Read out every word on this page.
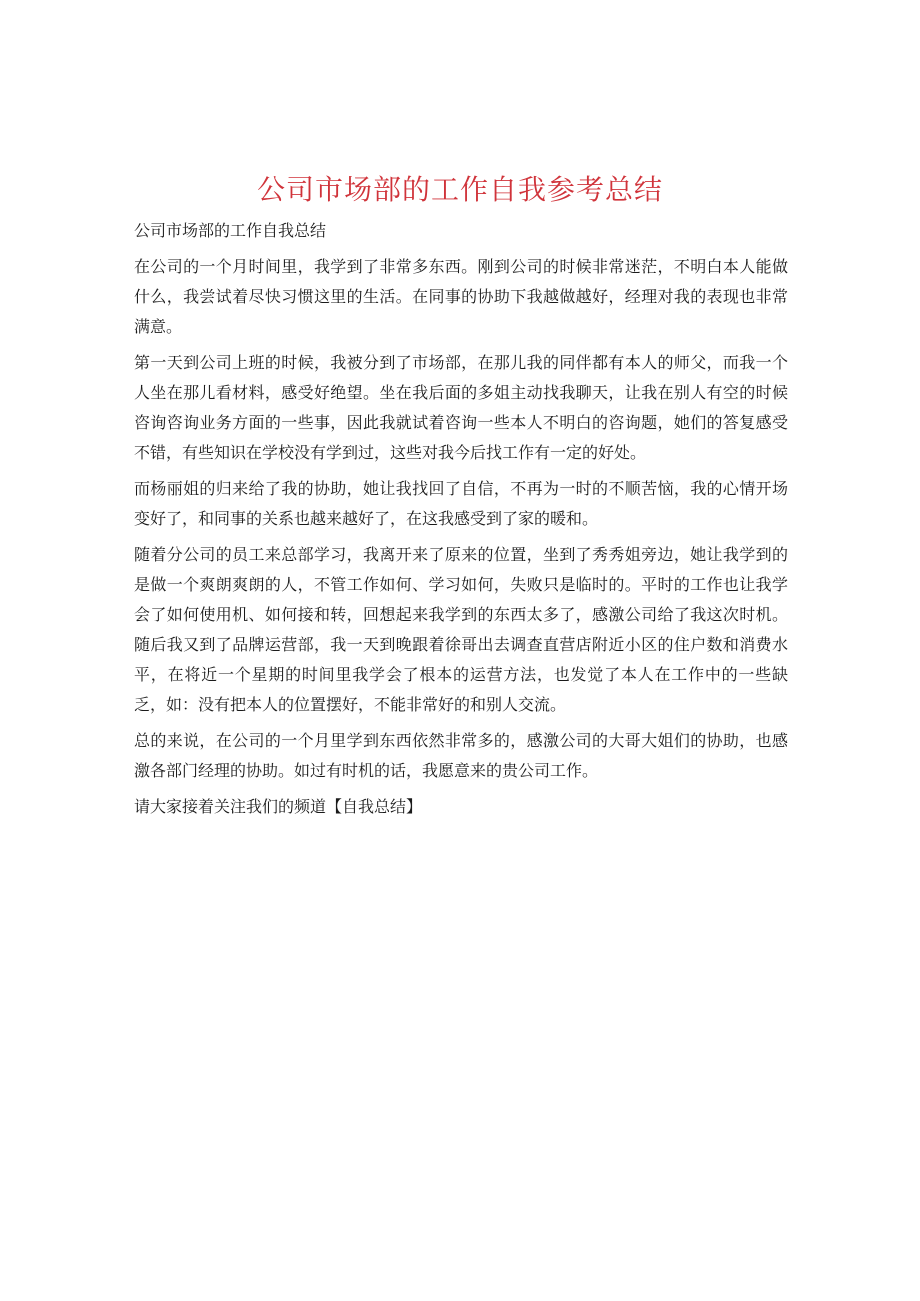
公司市场部的工作自我参考总结

公司市场部的工作自我总结

在公司的一个月时间里，我学到了非常多东西。刚到公司的时候非常迷茫，不明白本人能做什么，我尝试着尽快习惯这里的生活。在同事的协助下我越做越好，经理对我的表现也非常满意。

第一天到公司上班的时候，我被分到了市场部，在那儿我的同伴都有本人的师父，而我一个人坐在那儿看材料，感受好绝望。坐在我后面的多姐主动找我聊天，让我在别人有空的时候咨询咨询业务方面的一些事，因此我就试着咨询一些本人不明白的咨询题，她们的答复感受不错，有些知识在学校没有学到过，这些对我今后找工作有一定的好处。

而杨丽姐的归来给了我的协助，她让我找回了自信，不再为一时的不顺苦恼，我的心情开场变好了，和同事的关系也越来越好了，在这我感受到了家的暖和。

随着分公司的员工来总部学习，我离开来了原来的位置，坐到了秀秀姐旁边，她让我学到的是做一个爽朗爽朗的人，不管工作如何、学习如何，失败只是临时的。平时的工作也让我学会了如何使用机、如何接和转，回想起来我学到的东西太多了，感激公司给了我这次时机。随后我又到了品牌运营部，我一天到晚跟着徐哥出去调查直营店附近小区的住户数和消费水平，在将近一个星期的时间里我学会了根本的运营方法，也发觉了本人在工作中的一些缺乏，如：没有把本人的位置摆好，不能非常好的和别人交流。

总的来说，在公司的一个月里学到东西依然非常多的，感激公司的大哥大姐们的协助，也感激各部门经理的协助。如过有时机的话，我愿意来的贵公司工作。

请大家接着关注我们的频道【自我总结】
